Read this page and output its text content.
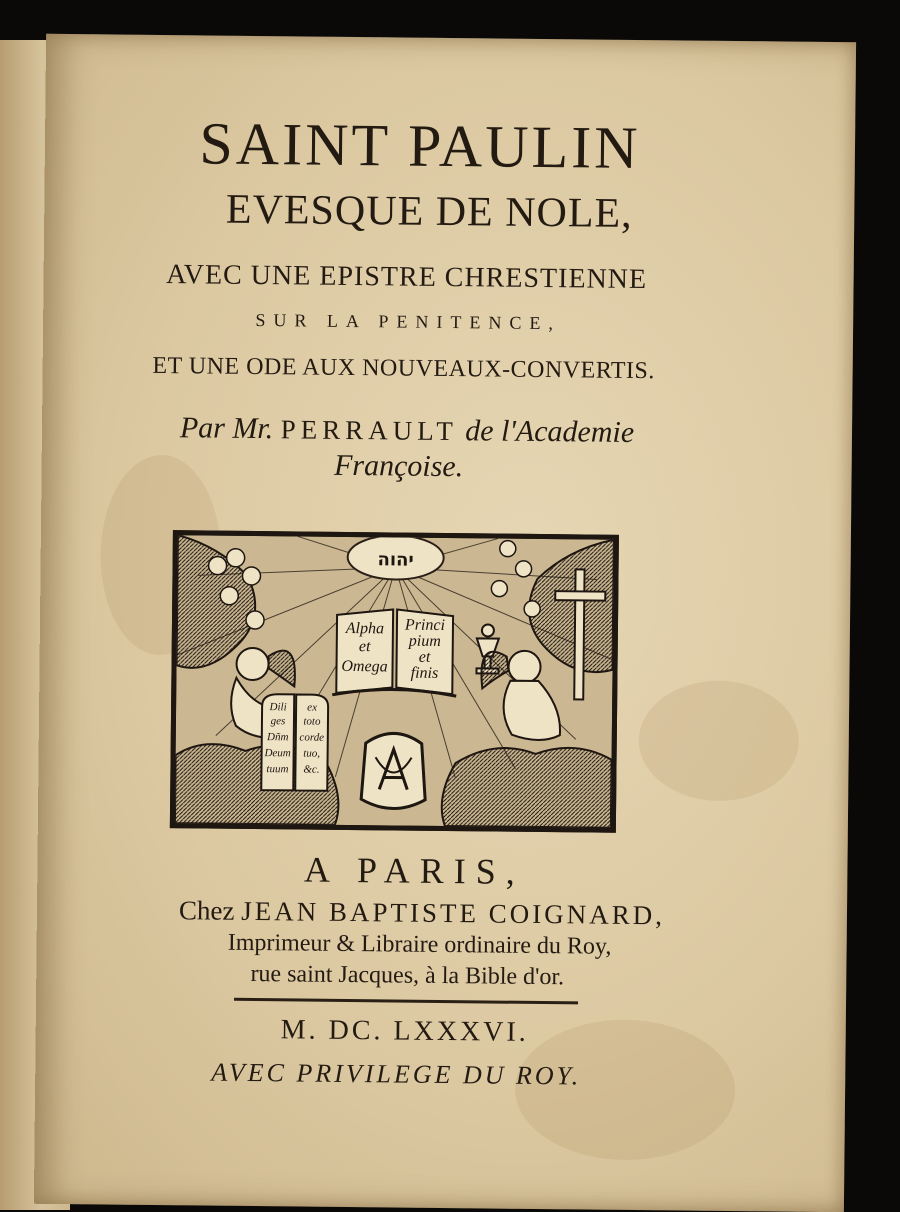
SAINT PAULIN
EVESQUE DE NOLE,
AVEC UNE EPISTRE CHRESTIENNE
SUR LA PENITENCE,
ET UNE ODE AUX NOUVEAUX-CONVERTIS.
Par Mr. PERRAULT de l'Academie
Françoise.
יהוה
Alpha
et
Omega
Princi
pium
et
finis
Dili
ges
Dñm
Deum
tuum
ex
toto
corde
tuo,
&c.
A PARIS,
Chez JEAN BAPTISTE COIGNARD,
Imprimeur & Libraire ordinaire du Roy,
rue saint Jacques, à la Bible d'or.
M. DC. LXXXVI.
AVEC PRIVILEGE DU ROY.
